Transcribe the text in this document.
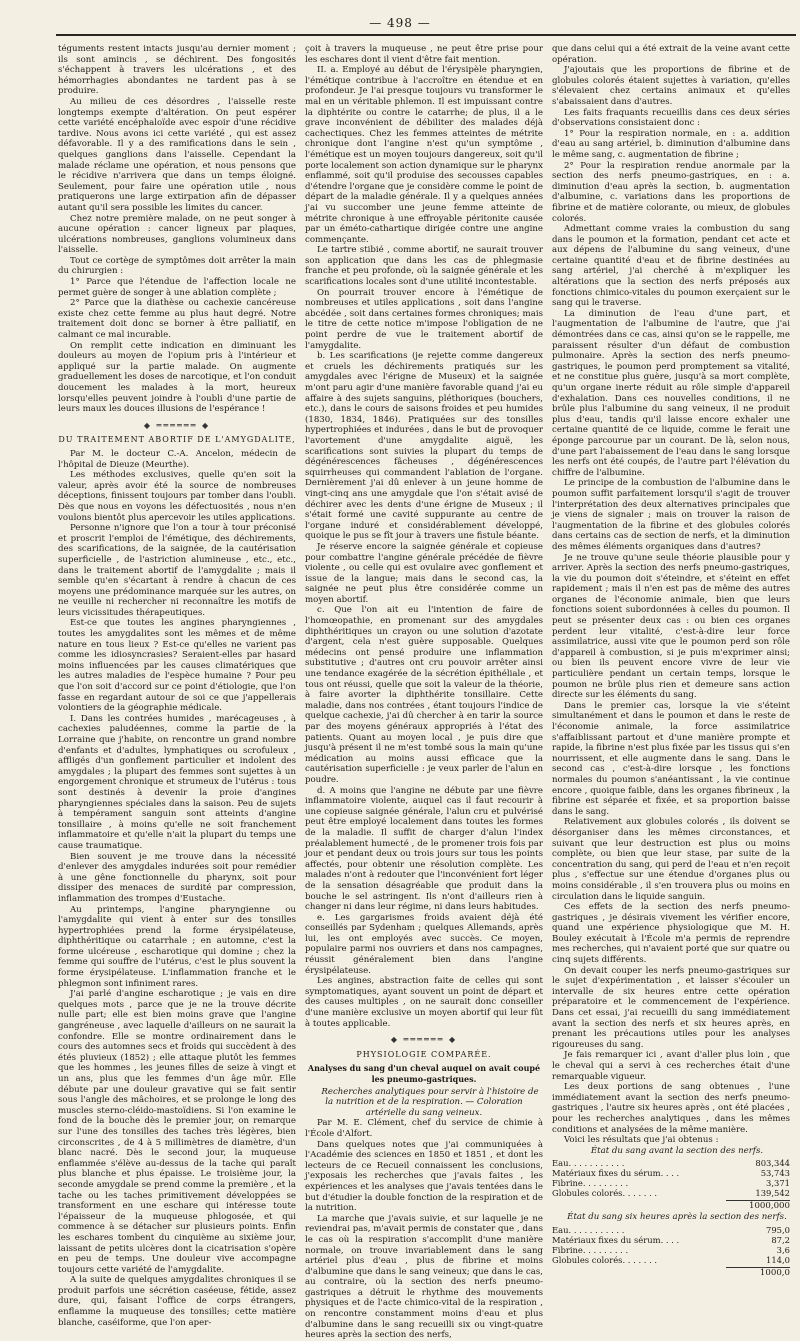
— 498 —

téguments restent intacts jusqu'au dernier moment ; ils sont amincis , se déchirent. Des fongosités s'échappent à travers les ulcérations , et des hémorrhagies abondantes ne tardent pas à se produire.

Au milieu de ces désordres , l'aisselle reste longtemps exempte d'altération. On peut espérer cette variété encéphaloïde avec espoir d'une récidive tardive. Nous avons ici cette variété , qui est assez défavorable. Il y a des ramifications dans le sein , quelques ganglions dans l'aisselle. Cependant la malade réclame une opération, et nous pensons que le récidive n'arrivera que dans un temps éloigné. Seulement, pour faire une opération utile , nous pratiquerons une large extirpation afin de dépasser autant qu'il sera possible les limites du cancer.

Chez notre première malade, on ne peut songer à aucune opération : cancer ligneux par plaques, ulcérations nombreuses, ganglions volumineux dans l'aisselle.

Tout ce cortège de symptômes doit arrêter la main du chirurgien :

1° Parce que l'étendue de l'affection locale ne permet guère de songer à une ablation complète ;

2° Parce que la diathèse ou cachexie cancéreuse existe chez cette femme au plus haut degré. Notre traitement doit donc se borner à être palliatif, en calmant ce mal incurable.

On remplit cette indication en diminuant les douleurs au moyen de l'opium pris à l'intérieur et appliqué sur la partie malade. On augmente graduellement les doses de narcotique, et l'on conduit doucement les malades à la mort, heureux lorsqu'elles peuvent joindre à l'oubli d'une partie de leurs maux les douces illusions de l'espérance !

◆ ══════ ◆
DU TRAITEMENT ABORTIF DE L'AMYGDALITE,

Par M. le docteur C.-A. Ancelon, médecin de l'hôpital de Dieuze (Meurthe).

Les méthodes exclusives, quelle qu'en soit la valeur, après avoir été la source de nombreuses déceptions, finissent toujours par tomber dans l'oubli. Dès que nous en voyons les défectuosités , nous n'en voulons bientôt plus apercevoir les utiles applications.

Personne n'ignore que l'on a tour à tour préconisé et proscrit l'emploi de l'émétique, des déchirements, des scarifications, de la saignée, de la cautérisation superficielle , de l'astriction alumineuse , etc., etc., dans le traitement abortif de l'amygdalite ; mais il semble qu'en s'écartant à rendre à chacun de ces moyens une prédominance marquée sur les autres, on ne veuille ni rechercher ni reconnaître les motifs de leurs vicissitudes thérapeutiques.

Est-ce que toutes les angines pharyngiennes , toutes les amygdalites sont les mêmes et de même nature en tous lieux ? Est-ce qu'elles ne varient pas comme les idiosyncrasies? Seraient-elles par hasard moins influencées par les causes climatériques que les autres maladies de l'espèce humaine ? Pour peu que l'on soit d'accord sur ce point d'étiologie, que l'on fasse en regardant autour de soi ce que j'appellerais volontiers de la géographie médicale.

I. Dans les contrées humides , marécageuses , à cachexies paludéennes, comme la partie de la Lorraine que j'habite, on rencontre un grand nombre d'enfants et d'adultes, lymphatiques ou scrofuleux , affligés d'un gonflement particulier et indolent des amygdales ; la plupart des femmes sont sujettes à un engorgement chronique et strumeux de l'utérus : tous sont destinés à devenir la proie d'angines pharyngiennes spéciales dans la saison. Peu de sujets à tempérament sanguin sont atteints d'angine tonsillaire , à moins qu'elle ne soit franchement inflammatoire et qu'elle n'ait la plupart du temps une cause traumatique.

Bien souvent je me trouve dans la nécessité d'enlever des amygdales indurées soit pour remédier à une gêne fonctionnelle du pharynx, soit pour dissiper des menaces de surdité par compression, inflammation des trompes d'Eustache.

Au printemps, l'angine pharyngienne ou l'amygdalite qui vient à enter sur des tonsilles hypertrophiées prend la forme érysipélateuse, diphthéritique ou catarrhale ; en automne, c'est la forme ulcéreuse , escharotique qui domine ; chez la femme qui souffre de l'utérus, c'est le plus souvent la forme érysipélateuse. L'inflammation franche et le phlegmon sont infiniment rares.

J'ai parlé d'angine escharotique ; je vais en dire quelques mots , parce que je ne la trouve décrite nulle part; elle est bien moins grave que l'angine gangréneuse , avec laquelle d'ailleurs on ne saurait la confondre. Elle se montre ordinairement dans le cours des automnes secs et froids qui succèdent à des étés pluvieux (1852) ; elle attaque plutôt les femmes que les hommes , les jeunes filles de seize à vingt et un ans, plus que les femmes d'un âge mûr. Elle débute par une douleur gravative qui se fait sentir sous l'angle des mâchoires, et se prolonge le long des muscles sterno-cléido-mastoïdiens. Si l'on examine le fond de la bouche dès le premier jour, on remarque sur l'une des tonsilles des taches très légères, bien circonscrites , de 4 à 5 millimètres de diamètre, d'un blanc nacré. Dès le second jour, la muqueuse enflammée s'élève au-dessus de la tache qui paraît plus blanche et plus épaisse. Le troisième jour, la seconde amygdale se prend comme la première , et la tache ou les taches primitivement développées se transforment en une eschare qui intéresse toute l'épaisseur de la muqueuse phlogosée, et qui commence à se détacher sur plusieurs points. Enfin les eschares tombent du cinquième au sixième jour, laissant de petits ulcères dont la cicatrisation s'opère en peu de temps. Une douleur vive accompagne toujours cette variété de l'amygdalite.

A la suite de quelques amygdalites chroniques il se produit parfois une sécrétion caséeuse, fétide, assez dure, qui, faisant l'office de corps étrangers, enflamme la muqueuse des tonsilles; cette matière blanche, caséiforme, que l'on aper-

çoit à travers la muqueuse , ne peut être prise pour les eschares dont il vient d'être fait mention.

II. a. Employé au début de l'érysipèle pharyngien, l'émétique contribue à l'accroître en étendue et en profondeur. Je l'ai presque toujours vu transformer le mal en un véritable phlemon. Il est impuissant contre la diphtérite ou contre le catarrhe; de plus, il a le grave inconvénient de débiliter des malades déjà cachectiques. Chez les femmes atteintes de métrite chronique dont l'angine n'est qu'un symptôme , l'émétique est un moyen toujours dangereux, soit qu'il porte localement son action dynamique sur le pharynx enflammé, soit qu'il produise des secousses capables d'étendre l'organe que je considère comme le point de départ de la maladie générale. Il y a quelques années j'ai vu succomber une jeune femme atteinte de métrite chronique à une effroyable péritonite causée par un éméto-cathartique dirigée contre une angine commençante.

Le tartre stibié , comme abortif, ne saurait trouver son application que dans les cas de phlegmasie franche et peu profonde, où la saignée générale et les scarifications locales sont d'une utilité incontestable.

On pourrait trouver encore à l'émétique de nombreuses et utiles applications , soit dans l'angine abcédée , soit dans certaines formes chroniques; mais le titre de cette notice m'impose l'obligation de ne point perdre de vue le traitement abortif de l'amygdalite.

b. Les scarifications (je rejette comme dangereux et cruels les déchirements pratiqués sur les amygdales avec l'érigne de Museux) et la saignée m'ont paru agir d'une manière favorable quand j'ai eu affaire à des sujets sanguins, pléthoriques (bouchers, etc.), dans le cours de saisons froides et peu humides (1830, 1834, 1846). Pratiquées sur des tonsilles hypertrophiées et indurées , dans le but de provoquer l'avortement d'une amygdalite aiguë, les scarifications sont suivies la plupart du temps de dégénérescences fâcheuses , dégénérescences squirrheuses qui commandent l'ablation de l'organe. Dernièrement j'ai dû enlever à un jeune homme de vingt-cinq ans une amygdale que l'on s'était avisé de déchirer avec les dents d'une érigne de Museux ; il s'était formé une cavité suppurante au centre de l'organe induré et considérablement développé, quoique le pus se fît jour à travers une fistule béante.

Je réserve encore la saignée générale et copieuse pour combattre l'angine générale précédée de fièvre violente , ou celle qui est ovulaire avec gonflement et issue de la langue; mais dans le second cas, la saignée ne peut plus être considérée comme un moyen abortif.

c. Que l'on ait eu l'intention de faire de l'homœopathie, en promenant sur des amygdales diphthéritiques un crayon ou une solution d'azotate d'argent, cela n'est guère supposable. Quelques médecins ont pensé produire une inflammation substitutive ; d'autres ont cru pouvoir arrêter ainsi une tendance exagérée de la sécrétion épithéliale , et tous ont réussi, quelle que soit la valeur de la théorie, à faire avorter la diphthérite tonsillaire. Cette maladie, dans nos contrées , étant toujours l'indice de quelque cachexie, j'ai dû chercher à en tarir la source par des moyens généraux appropriés à l'état des patients. Quant au moyen local , je puis dire que jusqu'à présent il ne m'est tombé sous la main qu'une médication au moins aussi efficace que la cautérisation superficielle : je veux parler de l'alun en poudre.

d. A moins que l'angine ne débute par une fièvre inflammatoire violente, auquel cas il faut recourir à une copieuse saignée générale, l'alun cru et pulvérisé peut être employé localement dans toutes les formes de la maladie. Il suffit de charger d'alun l'index préalablement humecté , de le promener trois fois par jour et pendant deux ou trois jours sur tous les points affectés, pour obtenir une résolution complète. Les malades n'ont à redouter que l'inconvénient fort léger de la sensation désagréable que produit dans la bouche le sel astringent. Ils n'ont d'ailleurs rien à changer ni dans leur régime, ni dans leurs habitudes.

e. Les gargarismes froids avaient déjà été conseillés par Sydenham ; quelques Allemands, après lui, les ont employés avec succès. Ce moyen, populaire parmi nos ouvriers et dans nos campagnes, réussit généralement bien dans l'angine érysipélateuse.

Les angines, abstraction faite de celles qui sont symptomatiques, ayant souvent un point de départ et des causes multiples , on ne saurait donc conseiller d'une manière exclusive un moyen abortif qui leur fût à toutes applicable.

◆ ══════ ◆
PHYSIOLOGIE COMPARÉE.
Analyses du sang d'un cheval auquel on avait coupé les pneumo-gastriques.

Recherches analytiques pour servir à l'histoire de la nutrition et de la respiration. — Coloration artérielle du sang veineux.

Par M. E. Clément, chef du service de chimie à l'École d'Alfort.

Dans quelques notes que j'ai communiquées à l'Académie des sciences en 1850 et 1851 , et dont les lecteurs de ce Recueil connaissent les conclusions, j'exposais les recherches que j'avais faites , les expériences et les analyses que j'avais tentées dans le but d'étudier la double fonction de la respiration et de la nutrition.

La marche que j'avais suivie, et sur laquelle je ne reviendrai pas, m'avait permis de constater que , dans le cas où la respiration s'accomplit d'une manière normale, on trouve invariablement dans le sang artériel plus d'eau , plus de fibrine et moins d'albumine que dans le sang veineux; que dans le cas, au contraire, où la section des nerfs pneumo-gastriques a détruit le rhythme des mouvements physiques et de l'acte chimico-vital de la respiration , on rencontre constamment moins d'eau et plus d'albumine dans le sang recueilli six ou vingt-quatre heures après la section des nerfs,

que dans celui qui a été extrait de la veine avant cette opération.

J'ajoutais que les proportions de fibrine et de globules colorés étaient sujettes à variation, qu'elles s'élevaient chez certains animaux et qu'elles s'abaissaient dans d'autres.

Les faits fraquants recueillis dans ces deux séries d'observations consistaient donc :

1° Pour la respiration normale, en : a. addition d'eau au sang artériel, b. diminution d'albumine dans le même sang, c. augmentation de fibrine ;

2° Pour la respiration rendue anormale par la section des nerfs pneumo-gastriques, en : a. diminution d'eau après la section, b. augmentation d'albumine, c. variations dans les proportions de fibrine et de matière colorante, ou mieux, de globules colorés.

Admettant comme vraies la combustion du sang dans le poumon et la formation, pendant cet acte et aux dépens de l'albumine du sang veineux, d'une certaine quantité d'eau et de fibrine destinées au sang artériel, j'ai cherché à m'expliquer les altérations que la section des nerfs préposés aux fonctions chimico-vitales du poumon exerçaient sur le sang qui le traverse.

La diminution de l'eau d'une part, et l'augmentation de l'albumine de l'autre, que j'ai démontrées dans ce cas, ainsi qu'on se le rappelle, me paraissent résulter d'un défaut de combustion pulmonaire. Après la section des nerfs pneumo-gastriques, le poumon perd promptement sa vitalité, et ne constitue plus guère, jusqu'à sa mort complète, qu'un organe inerte réduit au rôle simple d'appareil d'exhalation. Dans ces nouvelles conditions, il ne brûle plus l'albumine du sang veineux, il ne produit plus d'eau, tandis qu'il laisse encore exhaler une certaine quantité de ce liquide, comme le ferait une éponge parcourue par un courant. De là, selon nous, d'une part l'abaissement de l'eau dans le sang lorsque les nerfs ont été coupés, de l'autre part l'élévation du chiffre de l'albumine.

Le principe de la combustion de l'albumine dans le poumon suffit parfaitement lorsqu'il s'agit de trouver l'interprétation des deux alternatives principales que je viens de signaler ; mais on trouver la raison de l'augmentation de la fibrine et des globules colorés dans certains cas de section de nerfs, et la diminution des mêmes éléments organiques dans d'autres?

Je ne trouve qu'une seule théorie plausible pour y arriver. Après la section des nerfs pneumo-gastriques, la vie du poumon doit s'éteindre, et s'éteint en effet rapidement ; mais il n'en est pas de même des autres organes de l'économie animale, bien que leurs fonctions soient subordonnées à celles du poumon. Il peut se présenter deux cas : ou bien ces organes perdent leur vitalité, c'est-à-dire leur force assimilatrice, aussi vite que le poumon perd son rôle d'appareil à combustion, si je puis m'exprimer ainsi; ou bien ils peuvent encore vivre de leur vie particulière pendant un certain temps, lorsque le poumon ne brûle plus rien et demeure sans action directe sur les éléments du sang.

Dans le premier cas, lorsque la vie s'éteint simultanément et dans le poumon et dans le reste de l'économie animale, la force assimilatrice s'affaiblissant partout et d'une manière prompte et rapide, la fibrine n'est plus fixée par les tissus qui s'en nourrissent, et elle augmente dans le sang. Dans le second cas , c'est-à-dire lorsque , les fonctions normales du poumon s'anéantissant , la vie continue encore , quoique faible, dans les organes fibrineux , la fibrine est séparée et fixée, et sa proportion baisse dans le sang.

Relativement aux globules colorés , ils doivent se désorganiser dans les mêmes circonstances, et suivant que leur destruction est plus ou moins complète, ou bien que leur stase, par suite de la concentration du sang, qui perd de l'eau et n'en reçoit plus , s'effectue sur une étendue d'organes plus ou moins considérable , il s'en trouvera plus ou moins en circulation dans le liquide sanguin.

Ces effets de la section des nerfs pneumo-gastriques , je désirais vivement les vérifier encore, quand une expérience physiologique que M. H. Bouley exécutait à l'École m'a permis de reprendre mes recherches, qui n'avaient porté que sur quatre ou cinq sujets différents.

On devait couper les nerfs pneumo-gastriques sur le sujet d'expérimentation , et laisser s'écouler un intervalle de six heures entre cette opération préparatoire et le commencement de l'expérience. Dans cet essai, j'ai recueilli du sang immédiatement avant la section des nerfs et six heures après, en prenant les précautions utiles pour les analyses rigoureuses du sang.

Je fais remarquer ici , avant d'aller plus loin , que le cheval qui a servi à ces recherches était d'une remarquable vigueur.

Les deux portions de sang obtenues , l'une immédiatement avant la section des nerfs pneumo-gastriques , l'autre six heures après , ont été placées , pour les recherches analytiques , dans les mêmes conditions et analysées de la même manière.

Voici les résultats que j'ai obtenus :

État du sang avant la section des nerfs.

Eau. . . . . . . . . . .	803,344
Matériaux fixes du sérum. . . .	53,743
Fibrine. . . . . . . . .	3,371
Globules colorés. . . . . . .	139,542
1000,000

État du sang six heures après la section des nerfs.

Eau. . . . . . . . . . .	795,0
Matériaux fixes du sérum. . . .	87,2
Fibrine. . . . . . . . .	3,6
Globules colorés. . . . . . .	114,0
1000,0
